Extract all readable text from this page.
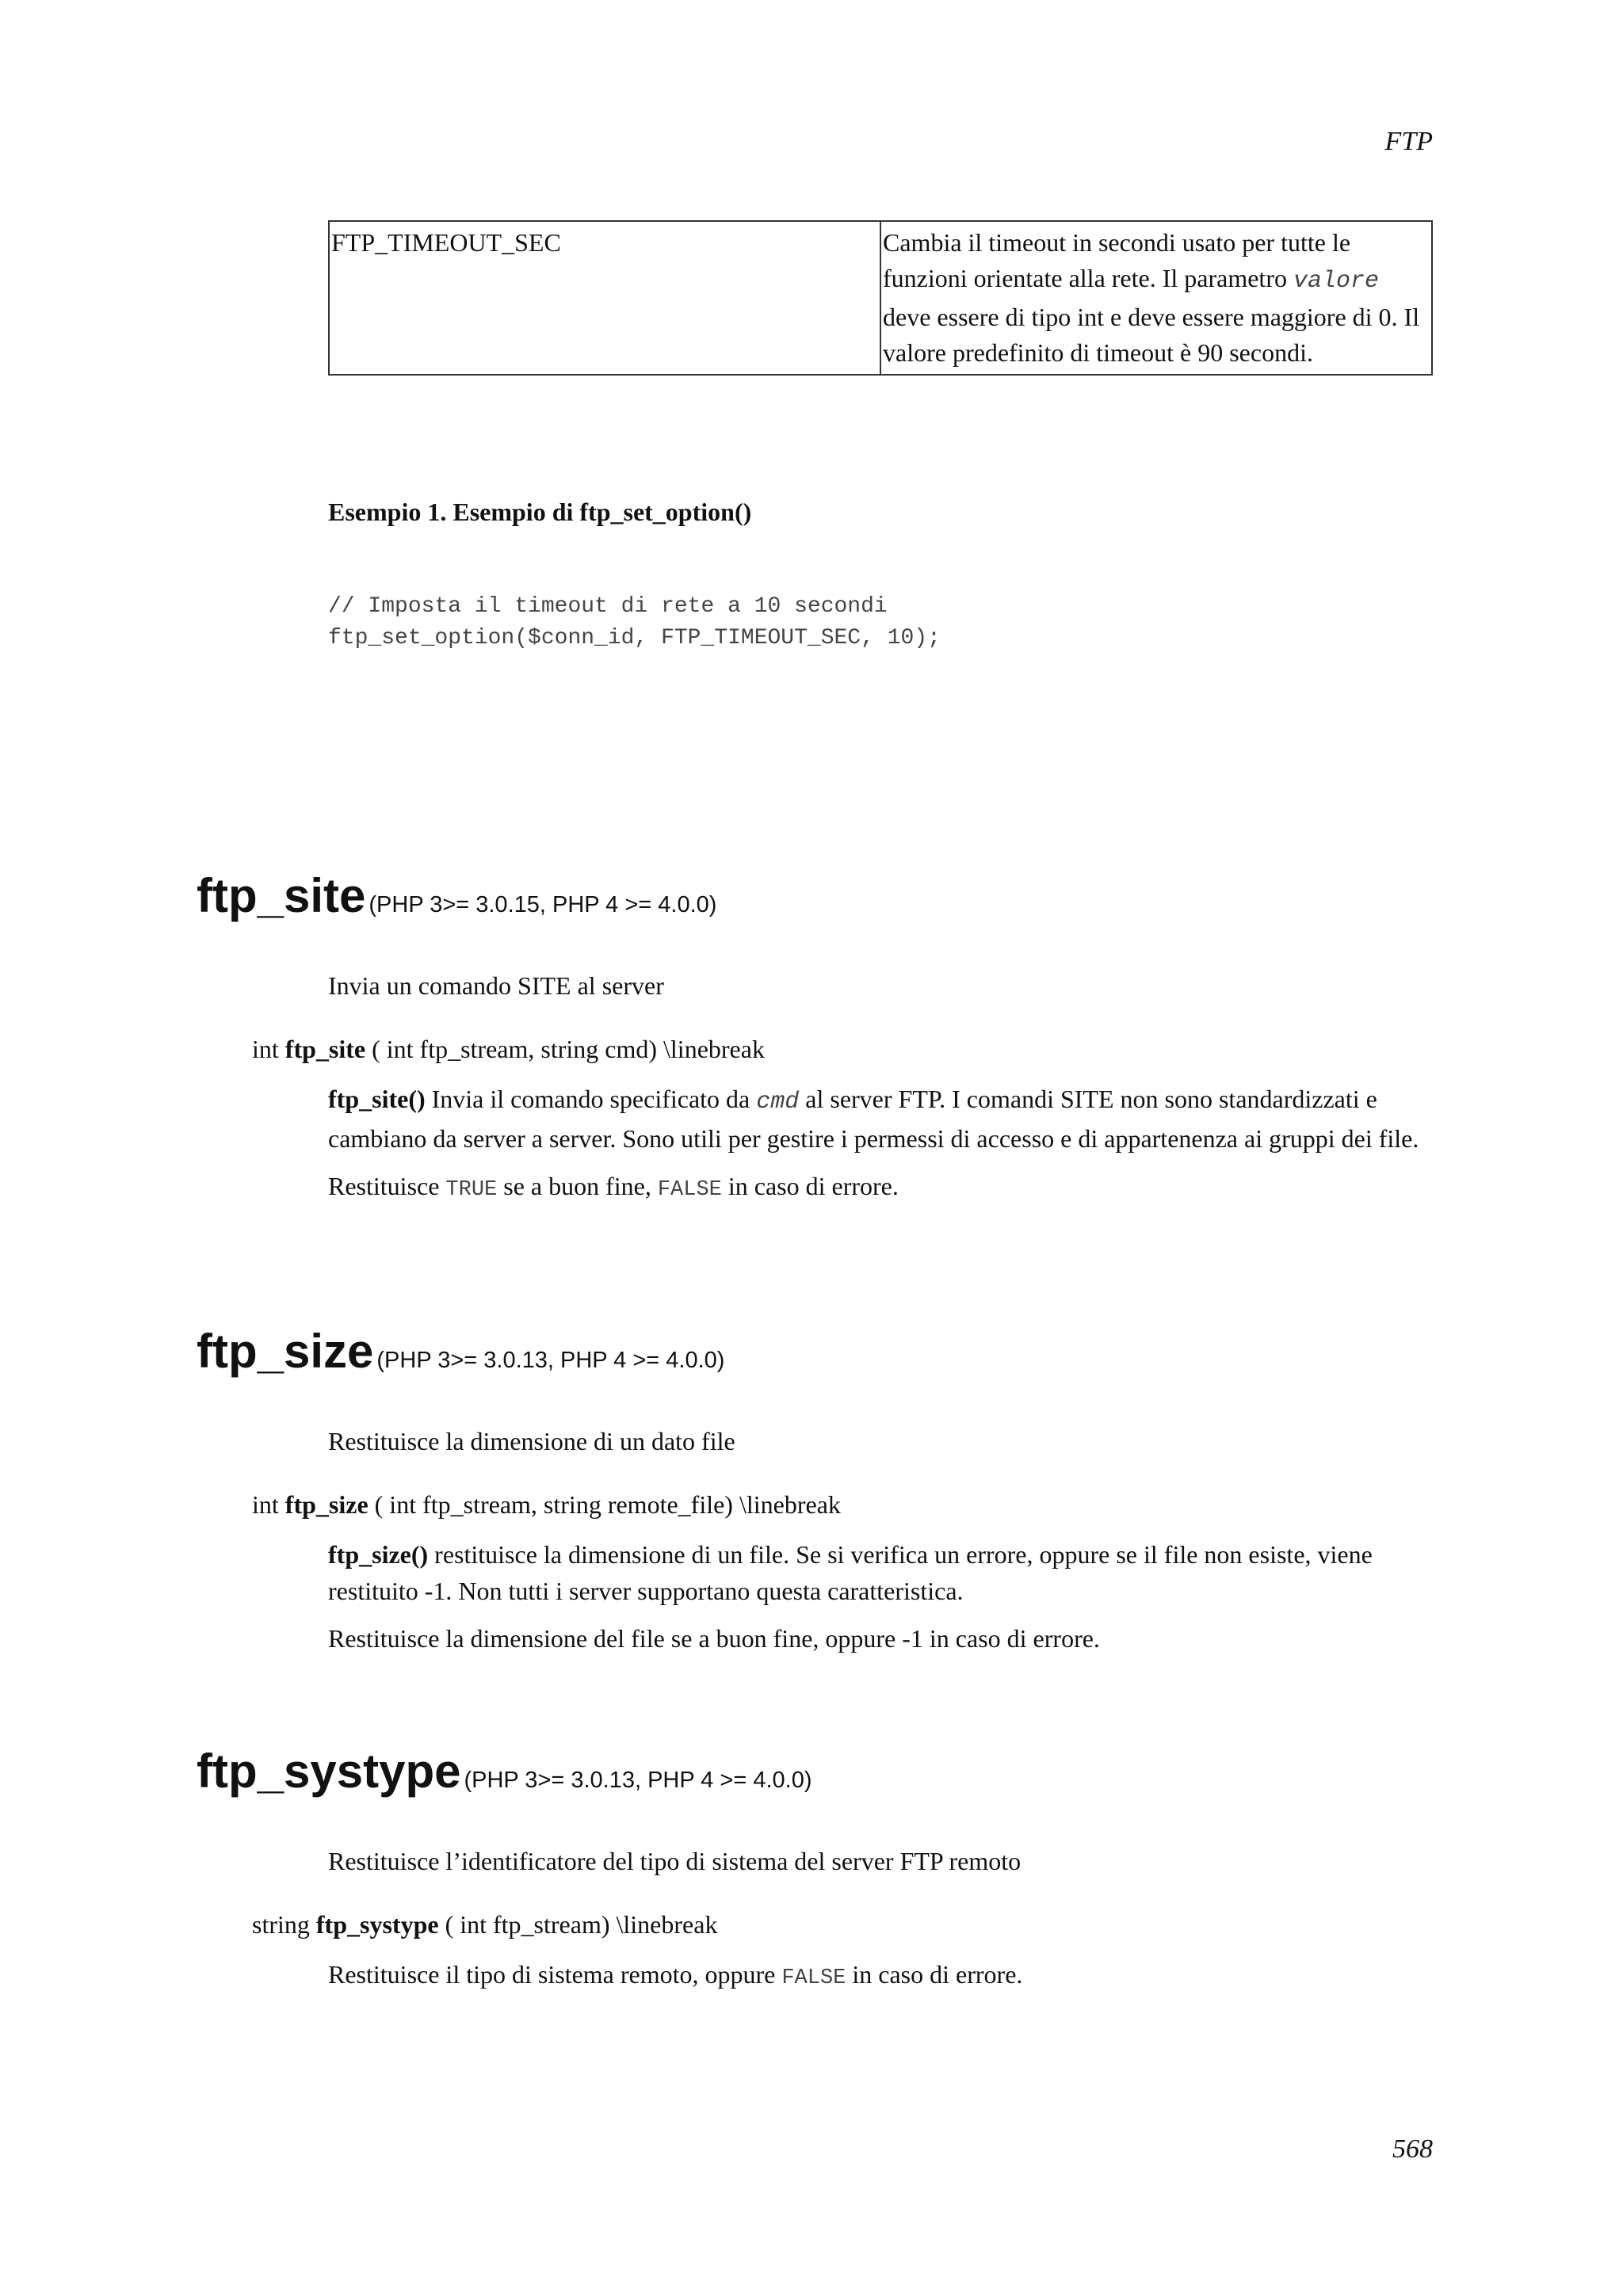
FTP
FTP_TIMEOUT_SEC	Cambia il timeout in secondi usato per tutte le funzioni orientate alla rete. Il parametro valore deve essere di tipo int e deve essere maggiore di 0. Il valore predefinito di timeout è 90 secondi.
Esempio 1. Esempio di ftp_set_option()
// Imposta il timeout di rete a 10 secondi
ftp_set_option($conn_id, FTP_TIMEOUT_SEC, 10);
ftp_site (PHP 3>= 3.0.15, PHP 4 >= 4.0.0)
Invia un comando SITE al server
int ftp_site ( int ftp_stream, string cmd) \linebreak

ftp_site() Invia il comando specificato da cmd al server FTP. I comandi SITE non sono standardizzati e cambiano da server a server. Sono utili per gestire i permessi di accesso e di appartenenza ai gruppi dei file.

Restituisce TRUE se a buon fine, FALSE in caso di errore.

ftp_size (PHP 3>= 3.0.13, PHP 4 >= 4.0.0)
Restituisce la dimensione di un dato file
int ftp_size ( int ftp_stream, string remote_file) \linebreak

ftp_size() restituisce la dimensione di un file. Se si verifica un errore, oppure se il file non esiste, viene restituito -1. Non tutti i server supportano questa caratteristica.

Restituisce la dimensione del file se a buon fine, oppure -1 in caso di errore.

ftp_systype (PHP 3>= 3.0.13, PHP 4 >= 4.0.0)
Restituisce l’identificatore del tipo di sistema del server FTP remoto
string ftp_systype ( int ftp_stream) \linebreak

Restituisce il tipo di sistema remoto, oppure FALSE in caso di errore.

568
